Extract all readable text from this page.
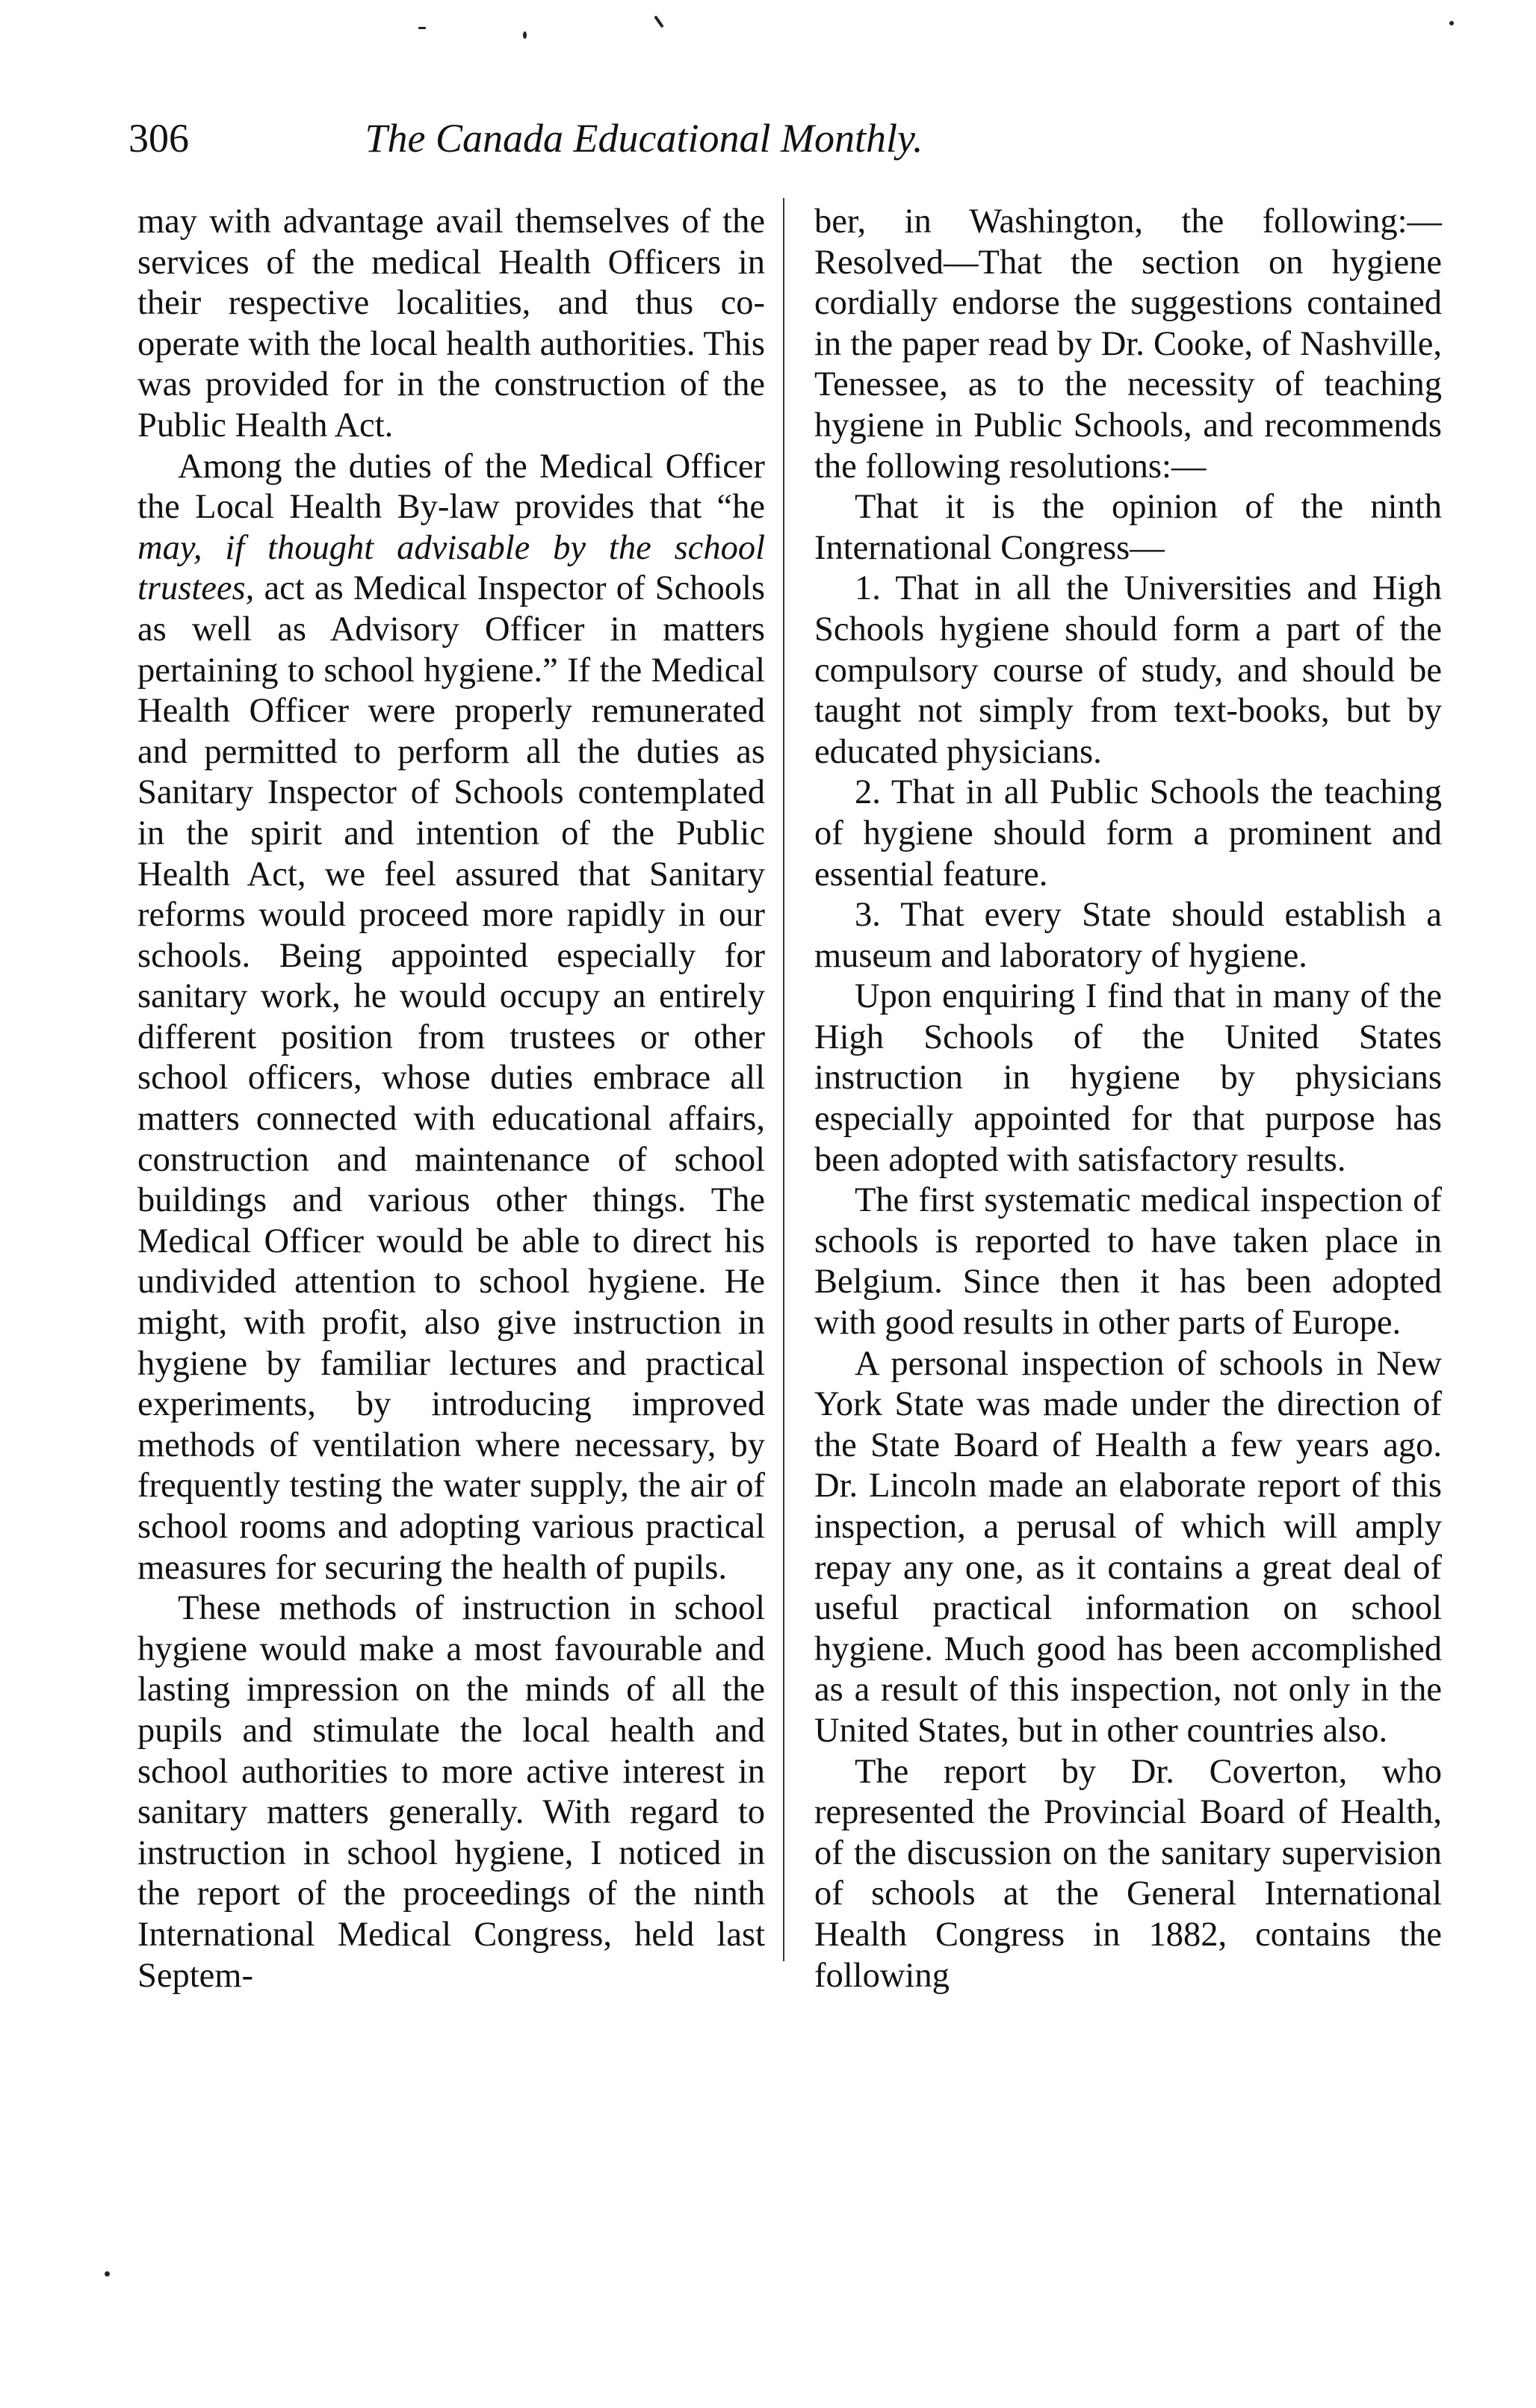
306	The Canada Educational Monthly.

may with advantage avail themselves of the services of the medical Health Officers in their respective localities, and thus co-operate with the local health authorities. This was provided for in the construction of the Public Health Act.

Among the duties of the Medical Officer the Local Health By-law provides that “he may, if thought advisable by the school trustees, act as Medical Inspector of Schools as well as Advisory Officer in matters pertaining to school hygiene.” If the Medical Health Officer were properly remunerated and permitted to perform all the duties as Sanitary Inspector of Schools contemplated in the spirit and intention of the Public Health Act, we feel assured that Sanitary reforms would proceed more rapidly in our schools. Being appointed especially for sanitary work, he would occupy an entirely different position from trustees or other school officers, whose duties embrace all matters connected with educational affairs, construction and maintenance of school buildings and various other things. The Medical Officer would be able to direct his undivided attention to school hygiene. He might, with profit, also give instruction in hygiene by familiar lectures and practical experiments, by introducing improved methods of ventilation where necessary, by frequently testing the water supply, the air of school rooms and adopting various practical measures for securing the health of pupils.

These methods of instruction in school hygiene would make a most favourable and lasting impression on the minds of all the pupils and stimulate the local health and school authorities to more active interest in sanitary matters generally. With regard to instruction in school hygiene, I noticed in the report of the proceedings of the ninth International Medical Congress, held last Septem-

ber, in Washington, the following:— Resolved—That the section on hygiene cordially endorse the suggestions contained in the paper read by Dr. Cooke, of Nashville, Tenessee, as to the necessity of teaching hygiene in Public Schools, and recommends the following resolutions:—

That it is the opinion of the ninth International Congress—

1. That in all the Universities and High Schools hygiene should form a part of the compulsory course of study, and should be taught not simply from text-books, but by educated physicians.

2. That in all Public Schools the teaching of hygiene should form a prominent and essential feature.

3. That every State should establish a museum and laboratory of hygiene.

Upon enquiring I find that in many of the High Schools of the United States instruction in hygiene by physicians especially appointed for that purpose has been adopted with satisfactory results.

The first systematic medical inspection of schools is reported to have taken place in Belgium. Since then it has been adopted with good results in other parts of Europe.

A personal inspection of schools in New York State was made under the direction of the State Board of Health a few years ago. Dr. Lincoln made an elaborate report of this inspection, a perusal of which will amply repay any one, as it contains a great deal of useful practical information on school hygiene. Much good has been accomplished as a result of this inspection, not only in the United States, but in other countries also.

The report by Dr. Coverton, who represented the Provincial Board of Health, of the discussion on the sanitary supervision of schools at the General International Health Congress in 1882, contains the following
